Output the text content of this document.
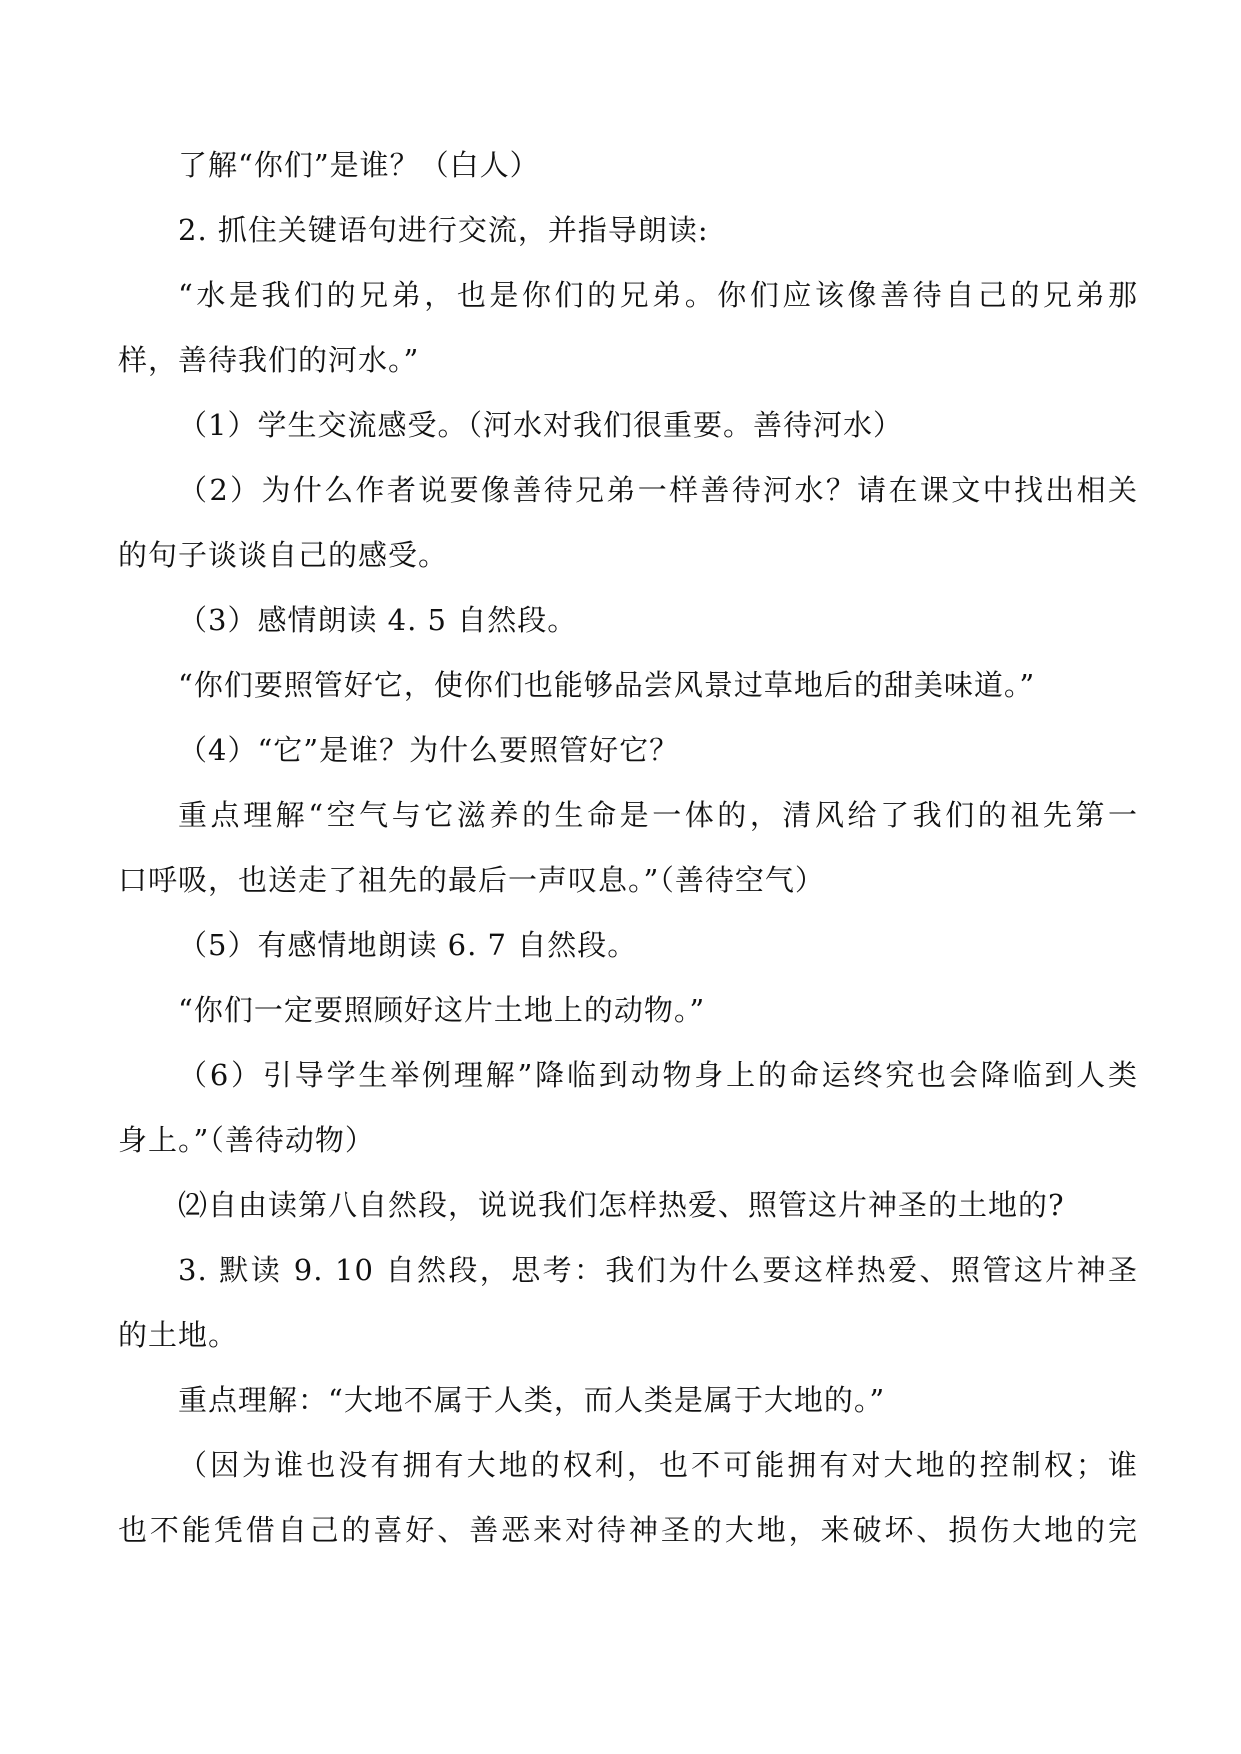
了解“你们”是谁？（白人）
2. 抓住关键语句进行交流，并指导朗读:
“水是我们的兄弟，也是你们的兄弟。你们应该像善待自己的兄弟那
样，善待我们的河水。”
（1）学生交流感受。（河水对我们很重要。善待河水）
（2）为什么作者说要像善待兄弟一样善待河水？请在课文中找出相关
的句子谈谈自己的感受。
（3）感情朗读 4. 5 自然段。
“你们要照管好它，使你们也能够品尝风景过草地后的甜美味道。”
（4）“它”是谁？为什么要照管好它？
重点理解“空气与它滋养的生命是一体的，清风给了我们的祖先第一
口呼吸，也送走了祖先的最后一声叹息。”（善待空气）
（5）有感情地朗读 6. 7 自然段。
“你们一定要照顾好这片土地上的动物。”
（6）引导学生举例理解”降临到动物身上的命运终究也会降临到人类
身上。”（善待动物）
⑵自由读第八自然段，说说我们怎样热爱、照管这片神圣的土地的?
3. 默读 9. 10 自然段，思考：我们为什么要这样热爱、照管这片神圣
的土地。
重点理解：“大地不属于人类，而人类是属于大地的。”
（因为谁也没有拥有大地的权利，也不可能拥有对大地的控制权；谁
也不能凭借自己的喜好、善恶来对待神圣的大地，来破坏、损伤大地的完
